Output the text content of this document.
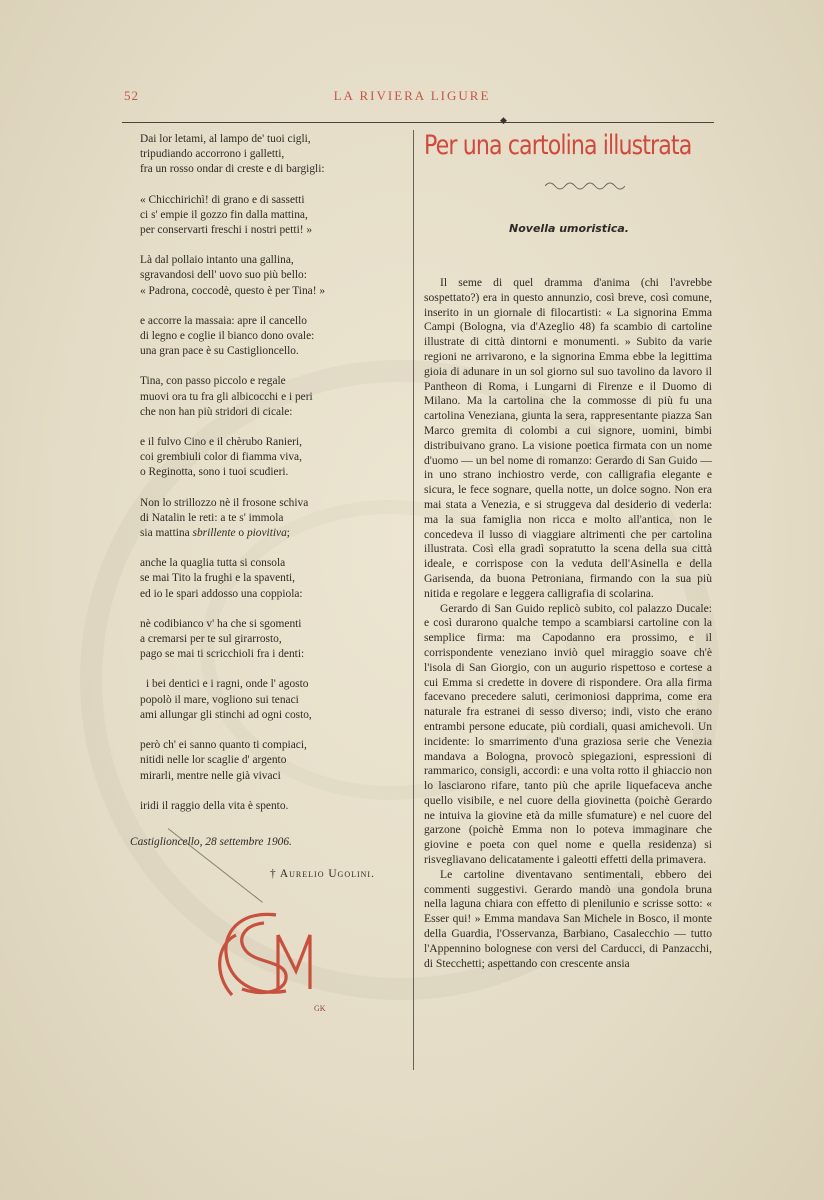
52	LA RIVIERA LIGURE
◆
Dai lor letami, al lampo de' tuoi cigli,
tripudiando accorrono i galletti,
fra un rosso ondar di creste e di bargigli:
« Chicchirichì! di grano e di sassetti
ci s' empie il gozzo fin dalla mattina,
per conservarti freschi i nostri petti! »
Là dal pollaio intanto una gallina,
sgravandosi dell' uovo suo più bello:
« Padrona, coccodè, questo è per Tina! »
e accorre la massaia: apre il cancello
di legno e coglie il bianco dono ovale:
una gran pace è su Castiglioncello.
Tina, con passo piccolo e regale
muovi ora tu fra gli albicocchi e i peri
che non han più stridori di cicale:
e il fulvo Cino e il chèrubo Ranieri,
coi grembiuli color di fiamma viva,
o Reginotta, sono i tuoi scudieri.
Non lo strillozzo nè il frosone schiva
di Natalin le reti: a te s' immola
sia mattina sbrillente o piovitiva;
anche la quaglia tutta si consola
se mai Tito la frughi e la spaventi,
ed io le spari addosso una coppiola:
nè codibianco v' ha che si sgomenti
a cremarsi per te sul girarrosto,
pago se mai ti scricchioli fra i denti:
i bei dentici e i ragni, onde l' agosto
popolò il mare, vogliono sui tenaci
ami allungar gli stinchi ad ogni costo,
però ch' ei sanno quanto ti compiaci,
nitidi nelle lor scaglie d' argento
mirarli, mentre nelle già vivaci
iridi il raggio della vita è spento.
Castiglioncello, 28 settembre 1906.
† Aurelio Ugolini.
GK
Per una cartolina illustrata
Novella umoristica.

Il seme di quel dramma d'anima (chi l'avrebbe sospettato?) era in questo annunzio, così breve, così comune, inserito in un giornale di filocartisti: « La signorina Emma Campi (Bologna, via d'Azeglio 48) fa scambio di cartoline illustrate di città dintorni e monumenti. » Subito da varie regioni ne arrivarono, e la signorina Emma ebbe la legittima gioia di adunare in un sol giorno sul suo tavolino da lavoro il Pantheon di Roma, i Lungarni di Firenze e il Duomo di Milano. Ma la cartolina che la commosse di più fu una cartolina Veneziana, giunta la sera, rappresentante piazza San Marco gremita di colombi a cui signore, uomini, bimbi distribuivano grano. La visione poetica firmata con un nome d'uomo — un bel nome di romanzo: Gerardo di San Guido — in uno strano inchiostro verde, con calligrafia elegante e sicura, le fece sognare, quella notte, un dolce sogno. Non era mai stata a Venezia, e si struggeva dal desiderio di vederla: ma la sua famiglia non ricca e molto all'antica, non le concedeva il lusso di viaggiare altrimenti che per cartolina illustrata. Così ella gradì sopratutto la scena della sua città ideale, e corrispose con la veduta dell'Asinella e della Garisenda, da buona Petroniana, firmando con la sua più nitida e regolare e leggera calligrafia di scolarina.

Gerardo di San Guido replicò subito, col palazzo Ducale: e così durarono qualche tempo a scambiarsi cartoline con la semplice firma: ma Capodanno era prossimo, e il corrispondente veneziano inviò quel miraggio soave ch'è l'isola di San Giorgio, con un augurio rispettoso e cortese a cui Emma si credette in dovere di rispondere. Ora alla firma facevano precedere saluti, cerimoniosi dapprima, come era naturale fra estranei di sesso diverso; indi, visto che erano entrambi persone educate, più cordiali, quasi amichevoli. Un incidente: lo smarrimento d'una graziosa serie che Venezia mandava a Bologna, provocò spiegazioni, espressioni di rammarico, consigli, accordi: e una volta rotto il ghiaccio non lo lasciarono rifare, tanto più che aprile liquefaceva anche quello visibile, e nel cuore della giovinetta (poichè Gerardo ne intuiva la giovine età da mille sfumature) e nel cuore del garzone (poichè Emma non lo poteva immaginare che giovine e poeta con quel nome e quella residenza) si risvegliavano delicatamente i galeotti effetti della primavera.

Le cartoline diventavano sentimentali, ebbero dei commenti suggestivi. Gerardo mandò una gondola bruna nella laguna chiara con effetto di plenilunio e scrisse sotto: « Esser qui! » Emma mandava San Michele in Bosco, il monte della Guardia, l'Osservanza, Barbiano, Casalecchio — tutto l'Appennino bolognese con versi del Carducci, di Panzacchi, di Stecchetti; aspettando con crescente ansia
